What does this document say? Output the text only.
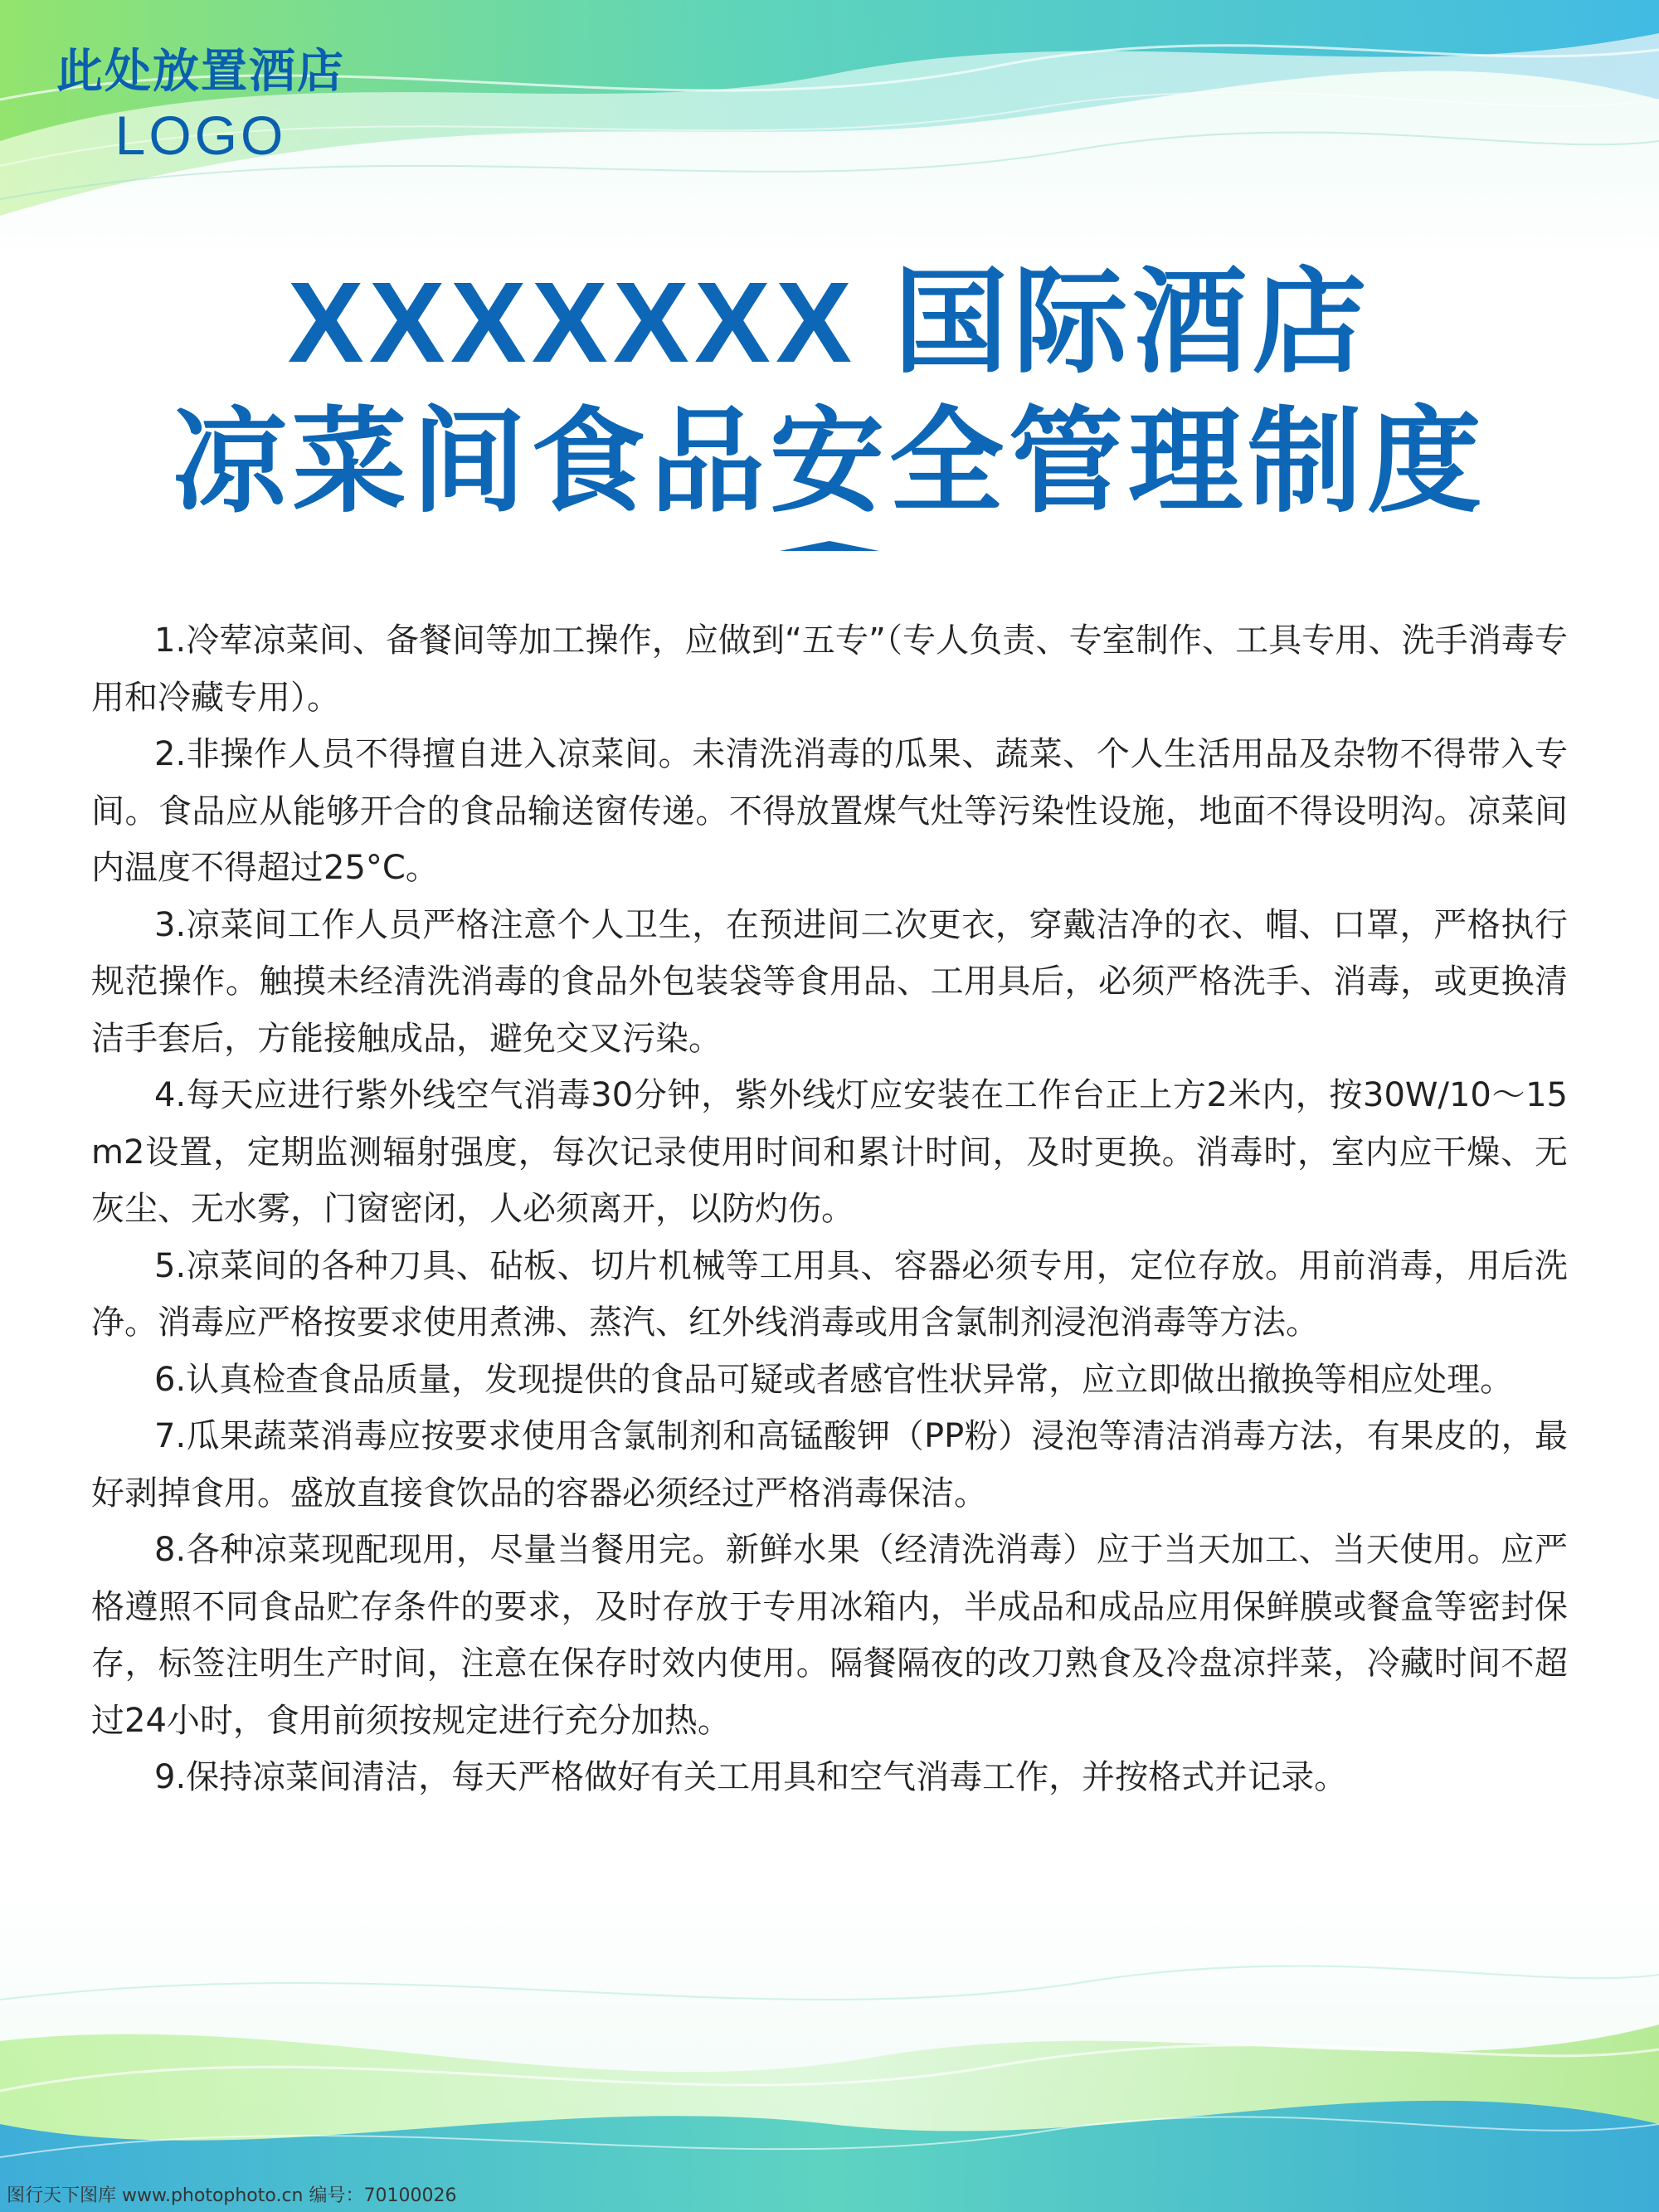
此处放置酒店
LOGO
XXXXXXX 国际酒店
凉菜间食品安全管理制度

1.冷荤凉菜间、备餐间等加工操作，应做到“五专”（专人负责、专室制作、工具专用、洗手消毒专用和冷藏专用）。

2.非操作人员不得擅自进入凉菜间。未清洗消毒的瓜果、蔬菜、个人生活用品及杂物不得带入专间。食品应从能够开合的食品输送窗传递。不得放置煤气灶等污染性设施，地面不得设明沟。凉菜间内温度不得超过25°C。

3.凉菜间工作人员严格注意个人卫生，在预进间二次更衣，穿戴洁净的衣、帽、口罩，严格执行规范操作。触摸未经清洗消毒的食品外包装袋等食用品、工用具后，必须严格洗手、消毒，或更换清洁手套后，方能接触成品，避免交叉污染。

4.每天应进行紫外线空气消毒30分钟，紫外线灯应安装在工作台正上方2米内，按30W/10～15　m2设置，定期监测辐射强度，每次记录使用时间和累计时间，及时更换。消毒时，室内应干燥、无灰尘、无水雾，门窗密闭，人必须离开，以防灼伤。

5.凉菜间的各种刀具、砧板、切片机械等工用具、容器必须专用，定位存放。用前消毒，用后洗净。消毒应严格按要求使用煮沸、蒸汽、红外线消毒或用含氯制剂浸泡消毒等方法。

6.认真检查食品质量，发现提供的食品可疑或者感官性状异常，应立即做出撤换等相应处理。

7.瓜果蔬菜消毒应按要求使用含氯制剂和高锰酸钾（PP粉）浸泡等清洁消毒方法，有果皮的，最好剥掉食用。盛放直接食饮品的容器必须经过严格消毒保洁。

8.各种凉菜现配现用，尽量当餐用完。新鲜水果（经清洗消毒）应于当天加工、当天使用。应严格遵照不同食品贮存条件的要求，及时存放于专用冰箱内，半成品和成品应用保鲜膜或餐盒等密封保存，标签注明生产时间，注意在保存时效内使用。隔餐隔夜的改刀熟食及冷盘凉拌菜，冷藏时间不超过24小时，食用前须按规定进行充分加热。

9.保持凉菜间清洁，每天严格做好有关工用具和空气消毒工作，并按格式并记录。

图行天下图库 www.photophoto.cn 编号：70100026
